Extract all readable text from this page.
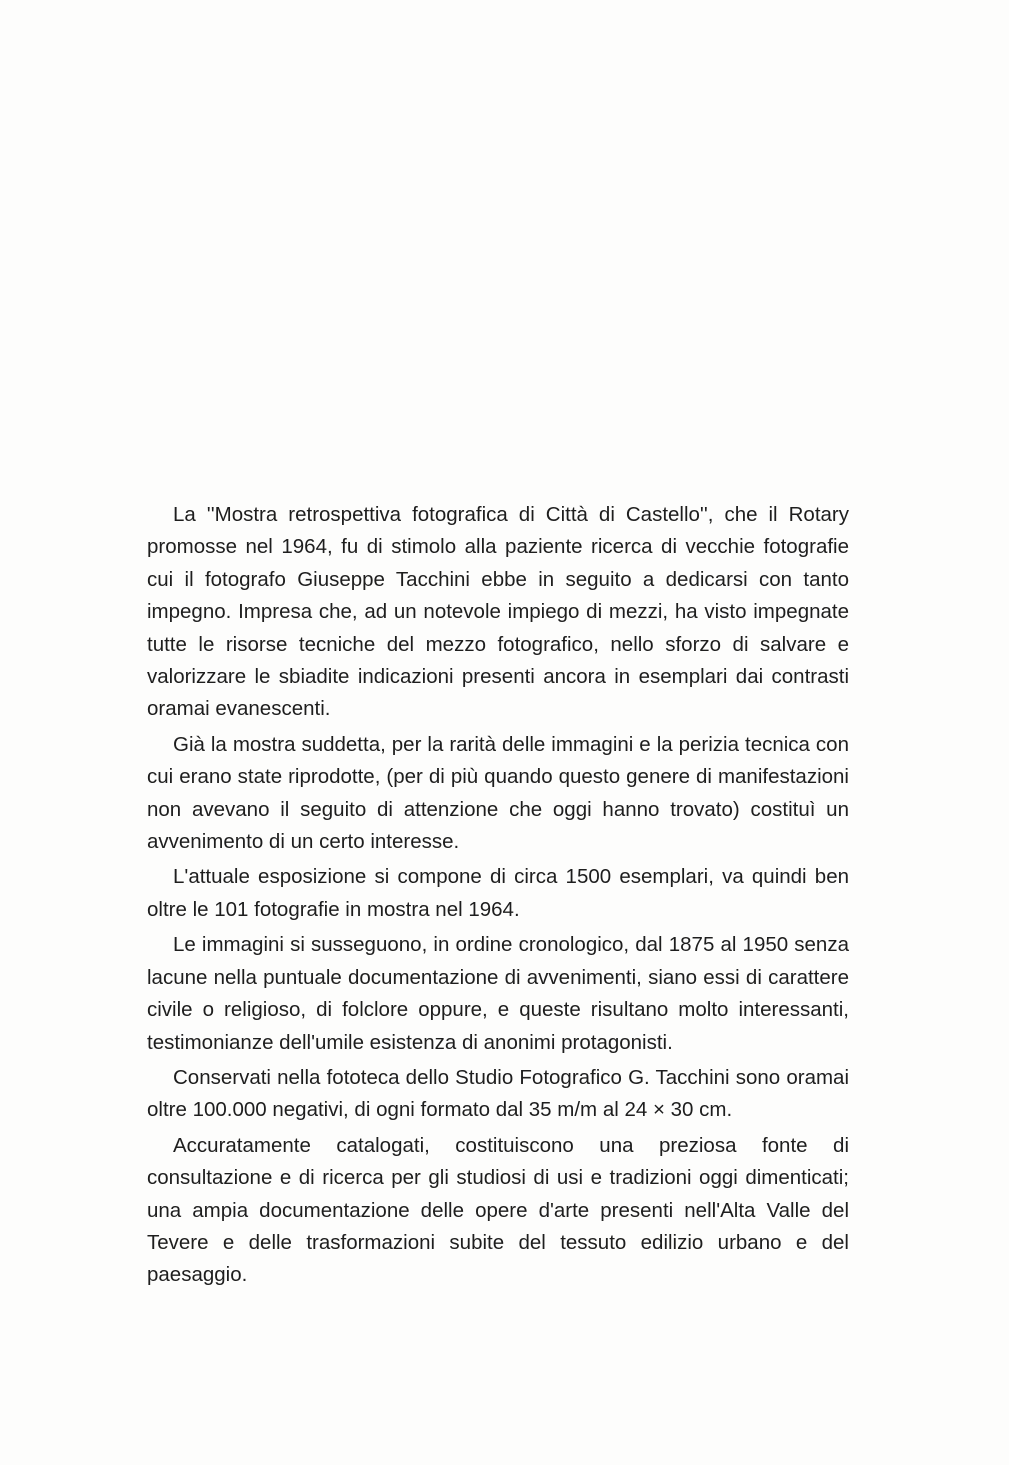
La ''Mostra retrospettiva fotografica di Città di Castello'', che il Rotary promosse nel 1964, fu di stimolo alla paziente ricerca di vecchie fotografie cui il fotografo Giuseppe Tacchini ebbe in seguito a dedicarsi con tanto impegno. Impresa che, ad un notevole impiego di mezzi, ha visto impegnate tutte le risorse tecniche del mezzo fotografico, nello sforzo di salvare e valorizzare le sbiadite indicazioni presenti ancora in esemplari dai contrasti oramai evanescenti.

Già la mostra suddetta, per la rarità delle immagini e la perizia tecnica con cui erano state riprodotte, (per di più quando questo genere di manifestazioni non avevano il seguito di attenzione che oggi hanno trovato) costituì un avvenimento di un certo interesse.

L'attuale esposizione si compone di circa 1500 esemplari, va quindi ben oltre le 101 fotografie in mostra nel 1964.

Le immagini si susseguono, in ordine cronologico, dal 1875 al 1950 senza lacune nella puntuale documentazione di avvenimenti, siano essi di carattere civile o religioso, di folclore oppure, e queste risultano molto interessanti, testimonianze dell'umile esistenza di anonimi protagonisti.

Conservati nella fototeca dello Studio Fotografico G. Tacchini sono oramai oltre 100.000 negativi, di ogni formato dal 35 m/m al 24 × 30 cm.

Accuratamente catalogati, costituiscono una preziosa fonte di consultazione e di ricerca per gli studiosi di usi e tradizioni oggi dimenticati; una ampia documentazione delle opere d'arte presenti nell'Alta Valle del Tevere e delle trasformazioni subite del tessuto edilizio urbano e del paesaggio.
